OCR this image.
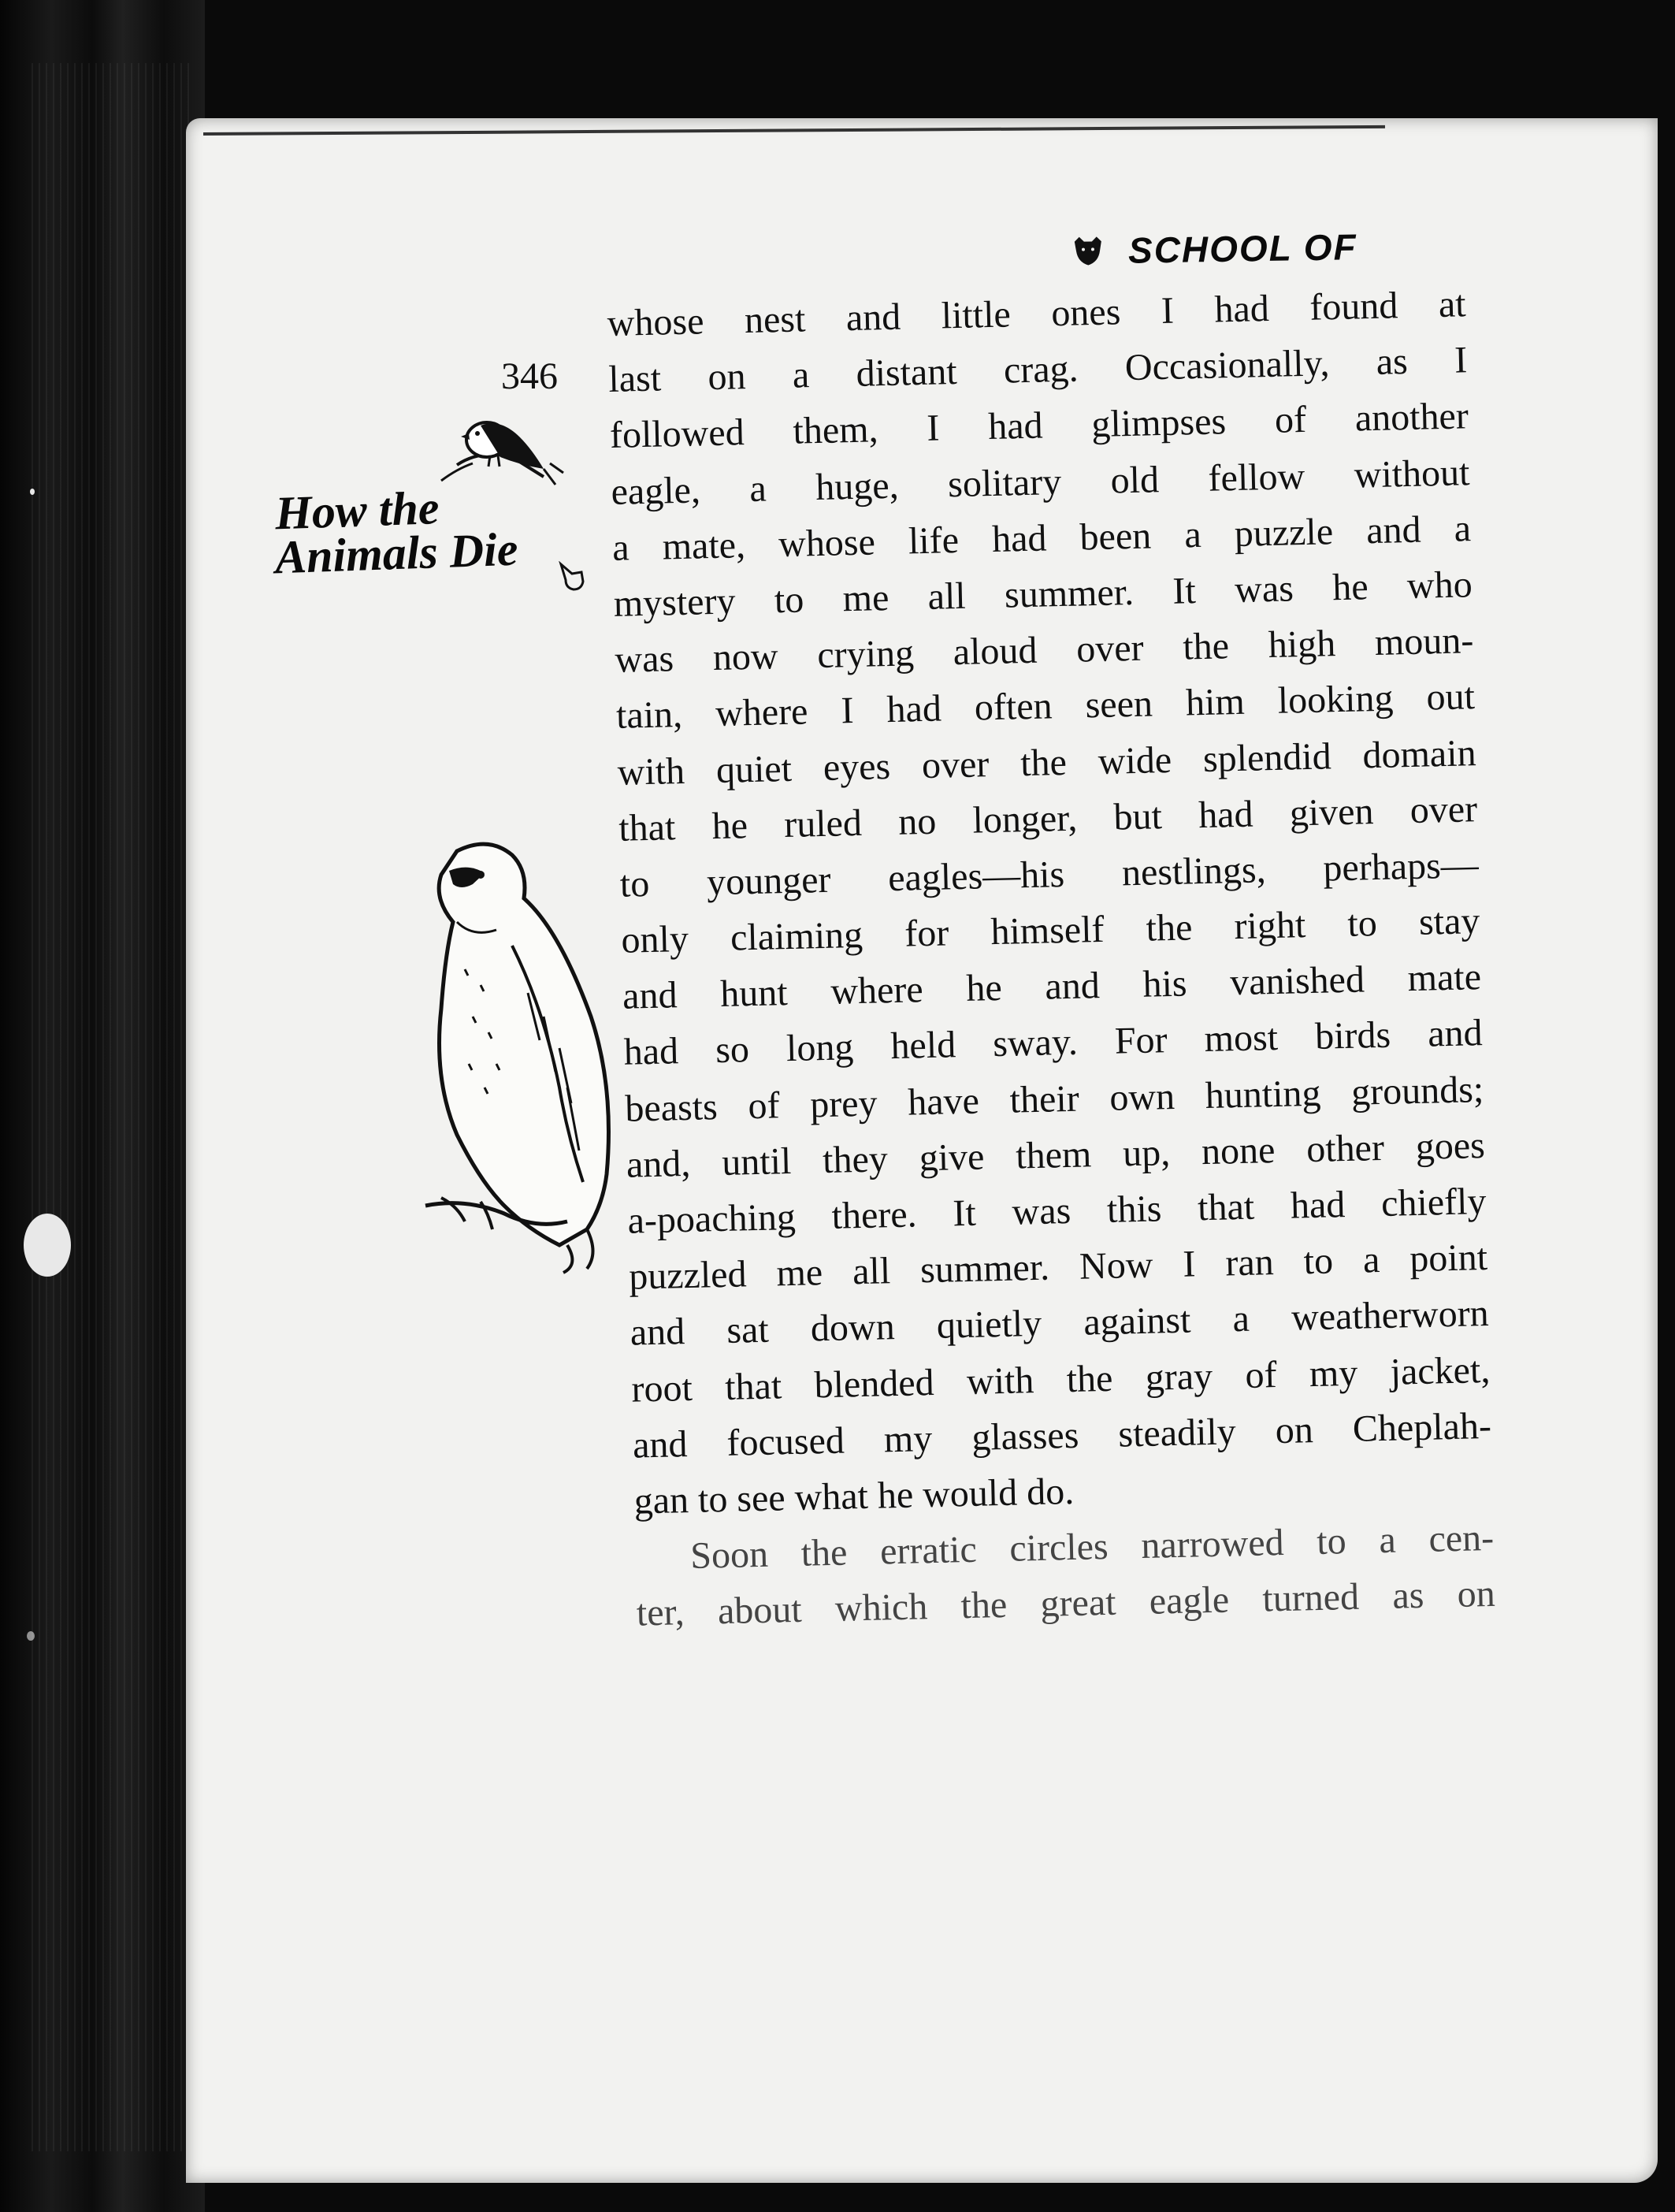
SCHOOL OF
346
How the
Animals Die
whose nest and little ones I had found at
last on a distant crag. Occasionally, as I
followed them, I had glimpses of another
eagle, a huge, solitary old fellow without
a mate, whose life had been a puzzle and a
mystery to me all summer. It was he who
was now crying aloud over the high moun-
tain, where I had often seen him looking out
with quiet eyes over the wide splendid domain
that he ruled no longer, but had given over
to younger eagles—his nestlings, perhaps—
only claiming for himself the right to stay
and hunt where he and his vanished mate
had so long held sway. For most birds and
beasts of prey have their own hunting grounds;
and, until they give them up, none other goes
a-poaching there. It was this that had chiefly
puzzled me all summer. Now I ran to a point
and sat down quietly against a weatherworn
root that blended with the gray of my jacket,
and focused my glasses steadily on Cheplah-
gan to see what he would do.
Soon the erratic circles narrowed to a cen-
ter, about which the great eagle turned as on
